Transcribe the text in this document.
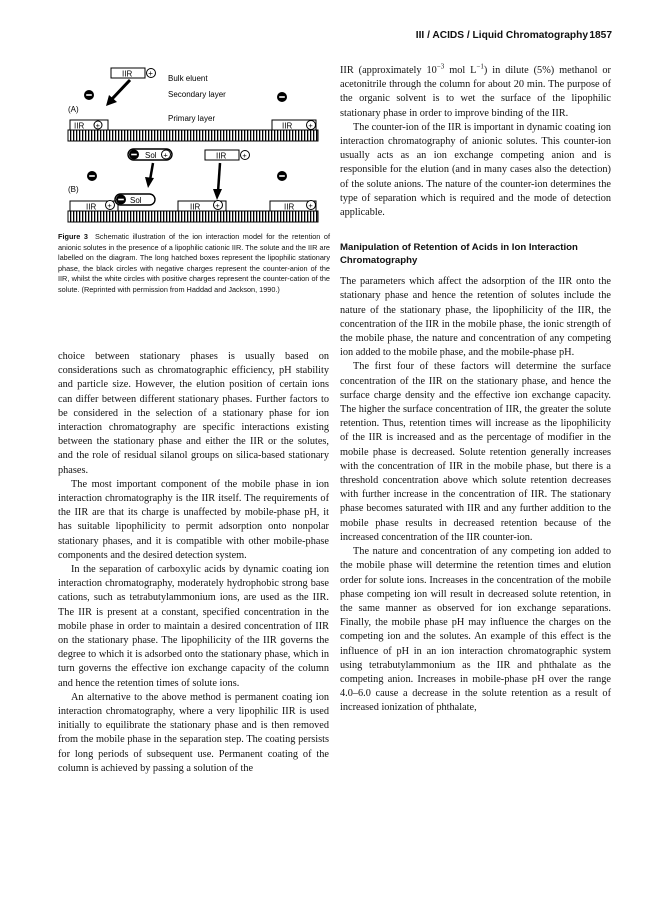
III / ACIDS / Liquid Chromatography 1857
IIR +
Bulk eluent
Secondary layer
Primary layer
(A)
IIR +	IIR +
Sol +	IIR +
(B)
IIR +
Sol
IIR +	IIR +

Figure 3 Schematic illustration of the ion interaction model for the retention of anionic solutes in the presence of a lipophilic cationic IIR. The solute and the IIR are labelled on the diagram. The long hatched boxes represent the lipophilic stationary phase, the black circles with negative charges represent the counter-anion of the IIR, whilst the white circles with positive charges represent the counter-cation of the solute. (Reprinted with permission from Haddad and Jackson, 1990.)

choice between stationary phases is usually based on considerations such as chromatographic efficiency, pH stability and particle size. However, the elution position of certain ions can differ between different stationary phases. Further factors to be considered in the selection of a stationary phase for ion interaction chromatography are specific interactions existing between the stationary phase and either the IIR or the solutes, and the role of residual silanol groups on silica-based stationary phases.

The most important component of the mobile phase in ion interaction chromatography is the IIR itself. The requirements of the IIR are that its charge is unaffected by mobile-phase pH, it has suitable lipophilicity to permit adsorption onto nonpolar stationary phases, and it is compatible with other mobile-phase components and the desired detection system.

In the separation of carboxylic acids by dynamic coating ion interaction chromatography, moderately hydrophobic strong base cations, such as tetrabutylammonium ions, are used as the IIR. The IIR is present at a constant, specified concentration in the mobile phase in order to maintain a desired concentration of IIR on the stationary phase. The lipophilicity of the IIR governs the degree to which it is adsorbed onto the stationary phase, which in turn governs the effective ion exchange capacity of the column and hence the retention times of solute ions.

An alternative to the above method is permanent coating ion interaction chromatography, where a very lipophilic IIR is used initially to equilibrate the stationary phase and is then removed from the mobile phase in the separation step. The coating persists for long periods of subsequent use. Permanent coating of the column is achieved by passing a solution of the

IIR (approximately $10^{-3}$ mol $L^{-1}$) in dilute (5%) methanol or acetonitrile through the column for about 20 min. The purpose of the organic solvent is to wet the surface of the lipophilic stationary phase in order to improve binding of the IIR.

The counter-ion of the IIR is important in dynamic coating ion interaction chromatography of anionic solutes. This counter-ion usually acts as an ion exchange competing anion and is responsible for the elution (and in many cases also the detection) of the solute anions. The nature of the counter-ion determines the type of separation which is required and the mode of detection applicable.

Manipulation of Retention of Acids in Ion Interaction Chromatography

The parameters which affect the adsorption of the IIR onto the stationary phase and hence the retention of solutes include the nature of the stationary phase, the lipophilicity of the IIR, the concentration of the IIR in the mobile phase, the ionic strength of the mobile phase, the nature and concentration of any competing ion added to the mobile phase, and the mobile-phase pH.

The first four of these factors will determine the surface concentration of the IIR on the stationary phase, and hence the surface charge density and the effective ion exchange capacity. The higher the surface concentration of IIR, the greater the solute retention. Thus, retention times will increase as the lipophilicity of the IIR is increased and as the percentage of modifier in the mobile phase is decreased. Solute retention generally increases with the concentration of IIR in the mobile phase, but there is a threshold concentration above which solute retention decreases with further increase in the concentration of IIR. The stationary phase becomes saturated with IIR and any further addition to the mobile phase results in decreased retention because of the increased concentration of the IIR counter-ion.

The nature and concentration of any competing ion added to the mobile phase will determine the retention times and elution order for solute ions. Increases in the concentration of the mobile phase competing ion will result in decreased solute retention, in the same manner as observed for ion exchange separations. Finally, the mobile phase pH may influence the charges on the competing ion and the solutes. An example of this effect is the influence of pH in an ion interaction chromatographic system using tetrabutylammonium as the IIR and phthalate as the competing anion. Increases in mobile-phase pH over the range 4.0–6.0 cause a decrease in the solute retention as a result of increased ionization of phthalate,
